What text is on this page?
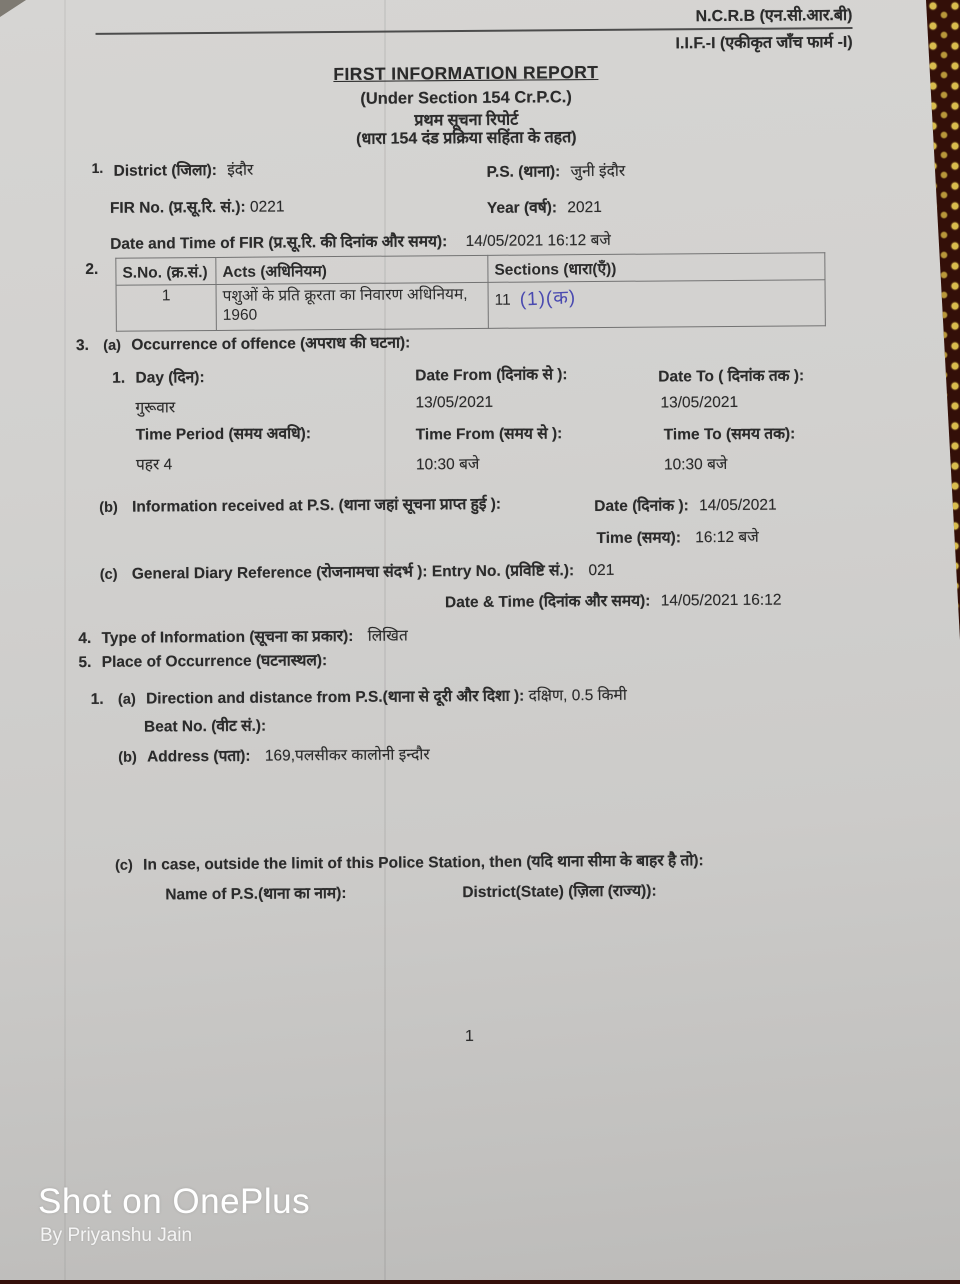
N.C.R.B (एन.सी.आर.बी)
I.I.F.-I (एकीकृत जाँच फार्म -I)
FIRST INFORMATION REPORT
(Under Section 154 Cr.P.C.)
प्रथम सूचना रिपोर्ट
(धारा 154 दंड प्रक्रिया सहिंता के तहत)
1. District (जिला): इंदौर	P.S. (थाना): जुनी इंदौर
FIR No. (प्र.सू.रि. सं.): 0221	Year (वर्ष): 2021
Date and Time of FIR (प्र.सू.रि. की दिनांक और समय): 14/05/2021 16:12 बजे
2. S.No. (क्र.सं.)	Acts (अधिनियम)	Sections (धारा(एँ))
1	पशुओं के प्रति क्रूरता का निवारण अधिनियम, 1960	11 (1)(क)
3. (a) Occurrence of offence (अपराध की घटना):
1. Day (दिन):	Date From (दिनांक से ):	Date To ( दिनांक तक ):
गुरूवार	13/05/2021	13/05/2021
Time Period (समय अवधि):	Time From (समय से ):	Time To (समय तक):
पहर 4	10:30 बजे	10:30 बजे
(b) Information received at P.S. (थाना जहां सूचना प्राप्त हुई ):	Date (दिनांक ): 14/05/2021
Time (समय): 16:12 बजे
(c) General Diary Reference (रोजनामचा संदर्भ ): Entry No. (प्रविष्टि सं.): 021
Date & Time (दिनांक और समय): 14/05/2021 16:12
4. Type of Information (सूचना का प्रकार): लिखित
5. Place of Occurrence (घटनास्थल):
1. (a) Direction and distance from P.S.(थाना से दूरी और दिशा ): दक्षिण, 0.5 किमी
Beat No. (वीट सं.):
(b) Address (पता): 169,पलसीकर कालोनी इन्दौर
(c) In case, outside the limit of this Police Station, then (यदि थाना सीमा के बाहर है तो):
Name of P.S.(थाना का नाम):	District(State) (ज़िला (राज्य)):
1
Shot on OnePlus
By Priyanshu Jain
